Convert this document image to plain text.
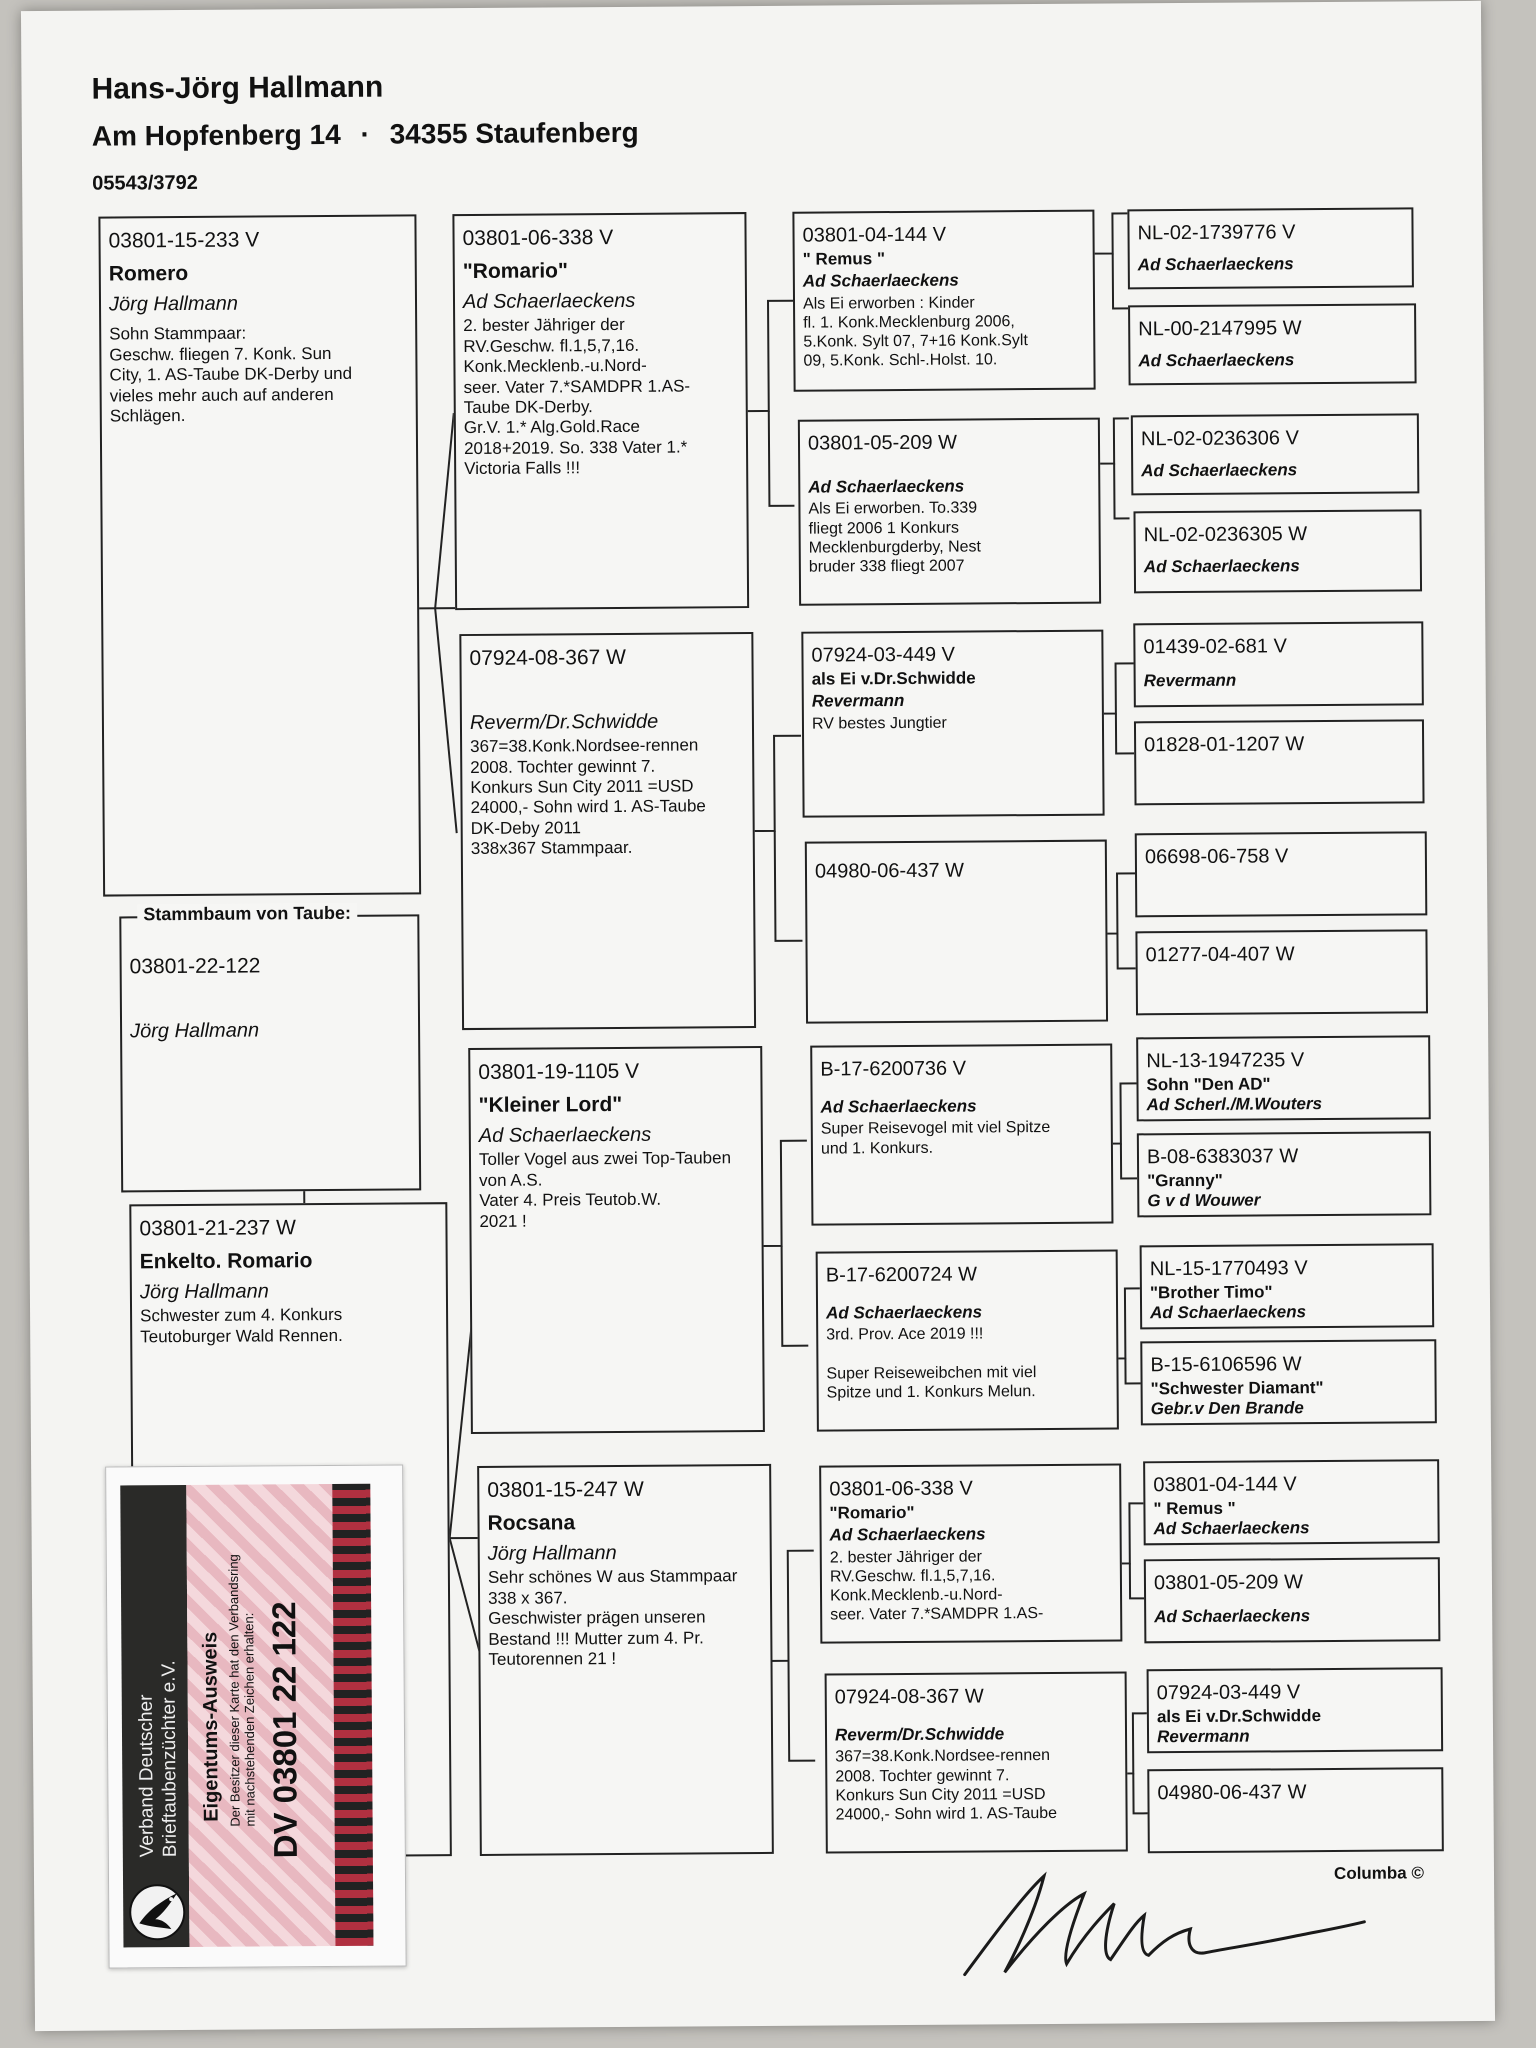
Hans-Jörg Hallmann
Am Hopfenberg 14 · 34355 Staufenberg
05543/3792
03801-15-233 V
Romero
Jörg Hallmann
Sohn Stammpaar:
Geschw. fliegen 7. Konk. Sun
City, 1. AS-Taube DK-Derby und
vieles mehr auch auf anderen
Schlägen.
03801-22-122
Jörg Hallmann
Stammbaum von Taube:
03801-21-237 W
Enkelto. Romario
Jörg Hallmann
Schwester zum 4. Konkurs
Teutoburger Wald Rennen.
03801-06-338 V
"Romario"
Ad Schaerlaeckens
2. bester Jähriger der
RV.Geschw. fl.1,5,7,16.
Konk.Mecklenb.-u.Nord-
seer. Vater 7.*SAMDPR 1.AS-
Taube DK-Derby.
Gr.V. 1.* Alg.Gold.Race
2018+2019. So. 338 Vater 1.*
Victoria Falls !!!
07924-08-367 W
Reverm/Dr.Schwidde
367=38.Konk.Nordsee-rennen
2008. Tochter gewinnt 7.
Konkurs Sun City 2011 =USD
24000,- Sohn wird 1. AS-Taube
DK-Deby 2011
338x367 Stammpaar.
03801-19-1105 V
"Kleiner Lord"
Ad Schaerlaeckens
Toller Vogel aus zwei Top-Tauben
von A.S.
Vater 4. Preis Teutob.W.
2021 !
03801-15-247 W
Rocsana
Jörg Hallmann
Sehr schönes W aus Stammpaar
338 x 367.
Geschwister prägen unseren
Bestand !!! Mutter zum 4. Pr.
Teutorennen 21 !
03801-04-144 V
" Remus "
Ad Schaerlaeckens
Als Ei erworben : Kinder
fl. 1. Konk.Mecklenburg 2006,
5.Konk. Sylt 07, 7+16 Konk.Sylt
09, 5.Konk. Schl-.Holst. 10.
03801-05-209 W
Ad Schaerlaeckens
Als Ei erworben. To.339
fliegt 2006 1 Konkurs
Mecklenburgderby, Nest
bruder 338 fliegt 2007
07924-03-449 V
als Ei v.Dr.Schwidde
Revermann
RV bestes Jungtier
04980-06-437 W
B-17-6200736 V
Ad Schaerlaeckens
Super Reisevogel mit viel Spitze
und 1. Konkurs.
B-17-6200724 W
Ad Schaerlaeckens
3rd. Prov. Ace 2019 !!!

Super Reiseweibchen mit viel
Spitze und 1. Konkurs Melun.
03801-06-338 V
"Romario"
Ad Schaerlaeckens
2. bester Jähriger der
RV.Geschw. fl.1,5,7,16.
Konk.Mecklenb.-u.Nord-
seer. Vater 7.*SAMDPR 1.AS-
07924-08-367 W
Reverm/Dr.Schwidde
367=38.Konk.Nordsee-rennen
2008. Tochter gewinnt 7.
Konkurs Sun City 2011 =USD
24000,- Sohn wird 1. AS-Taube
NL-02-1739776 V
Ad Schaerlaeckens
NL-00-2147995 W
Ad Schaerlaeckens
NL-02-0236306 V
Ad Schaerlaeckens
NL-02-0236305 W
Ad Schaerlaeckens
01439-02-681 V
Revermann
01828-01-1207 W
06698-06-758 V
01277-04-407 W
NL-13-1947235 V
Sohn "Den AD"
Ad Scherl./M.Wouters
B-08-6383037 W
"Granny"
G v d Wouwer
NL-15-1770493 V
"Brother Timo"
Ad Schaerlaeckens
B-15-6106596 W
"Schwester Diamant"
Gebr.v Den Brande
03801-04-144 V
" Remus "
Ad Schaerlaeckens
03801-05-209 W
Ad Schaerlaeckens
07924-03-449 V
als Ei v.Dr.Schwidde
Revermann
04980-06-437 W
Verband Deutscher
Brieftaubenzüchter e.V. Eigentums-Ausweis Der Besitzer dieser Karte hat den Verbandsring
mit nachstehenden Zeichen erhalten: DV 03801 22 122
Columba ©
